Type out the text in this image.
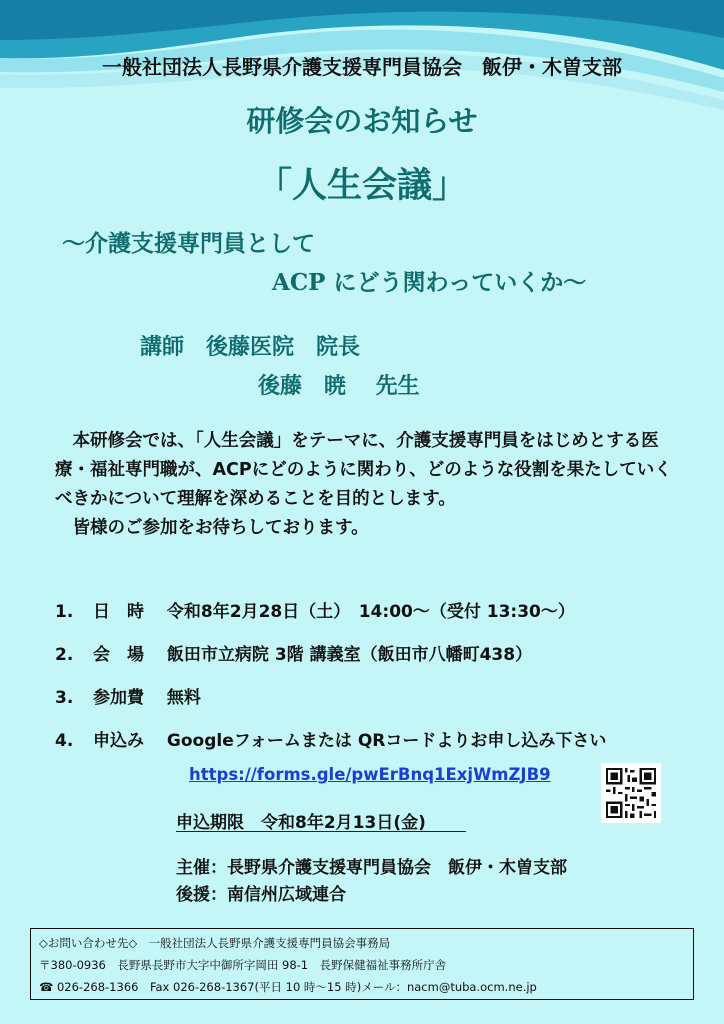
一般社団法人長野県介護支援専門員協会　飯伊・木曽支部
研修会のお知らせ
「人生会議」
～介護支援専門員として
ACP にどう関わっていくか～
講師　後藤医院　院長
後藤　暁　 先生

本研修会では、「人生会議」をテーマに、介護支援専門員をはじめとする医療・福祉専門職が、ACPにどのように関わり、どのような役割を果たしていくべきかについて理解を深めることを目的とします。

皆様のご参加をお待ちしております。

1. 日　時　 令和8年2月28日（土）　14:00～（受付 13:30～）
2. 会　場　 飯田市立病院 3階 講義室（飯田市八幡町438）
3. 参加費　 無料
4. 申込み　 Googleフォームまたは QRコードよりお申し込み下さい
https://forms.gle/pwErBnq1ExjWmZJB9
申込期限　令和8年2月13日(金)
主催：長野県介護支援専門員協会　飯伊・木曽支部
後援：南信州広域連合
◇お問い合わせ先◇　一般社団法人長野県介護支援専門員協会事務局
〒380-0936　長野県長野市大字中御所字岡田 98-1　長野保健福祉事務所庁舎
☎ 026-268-1366　Fax 026-268-1367(平日 10 時～15 時)メール：nacm@tuba.ocm.ne.jp
